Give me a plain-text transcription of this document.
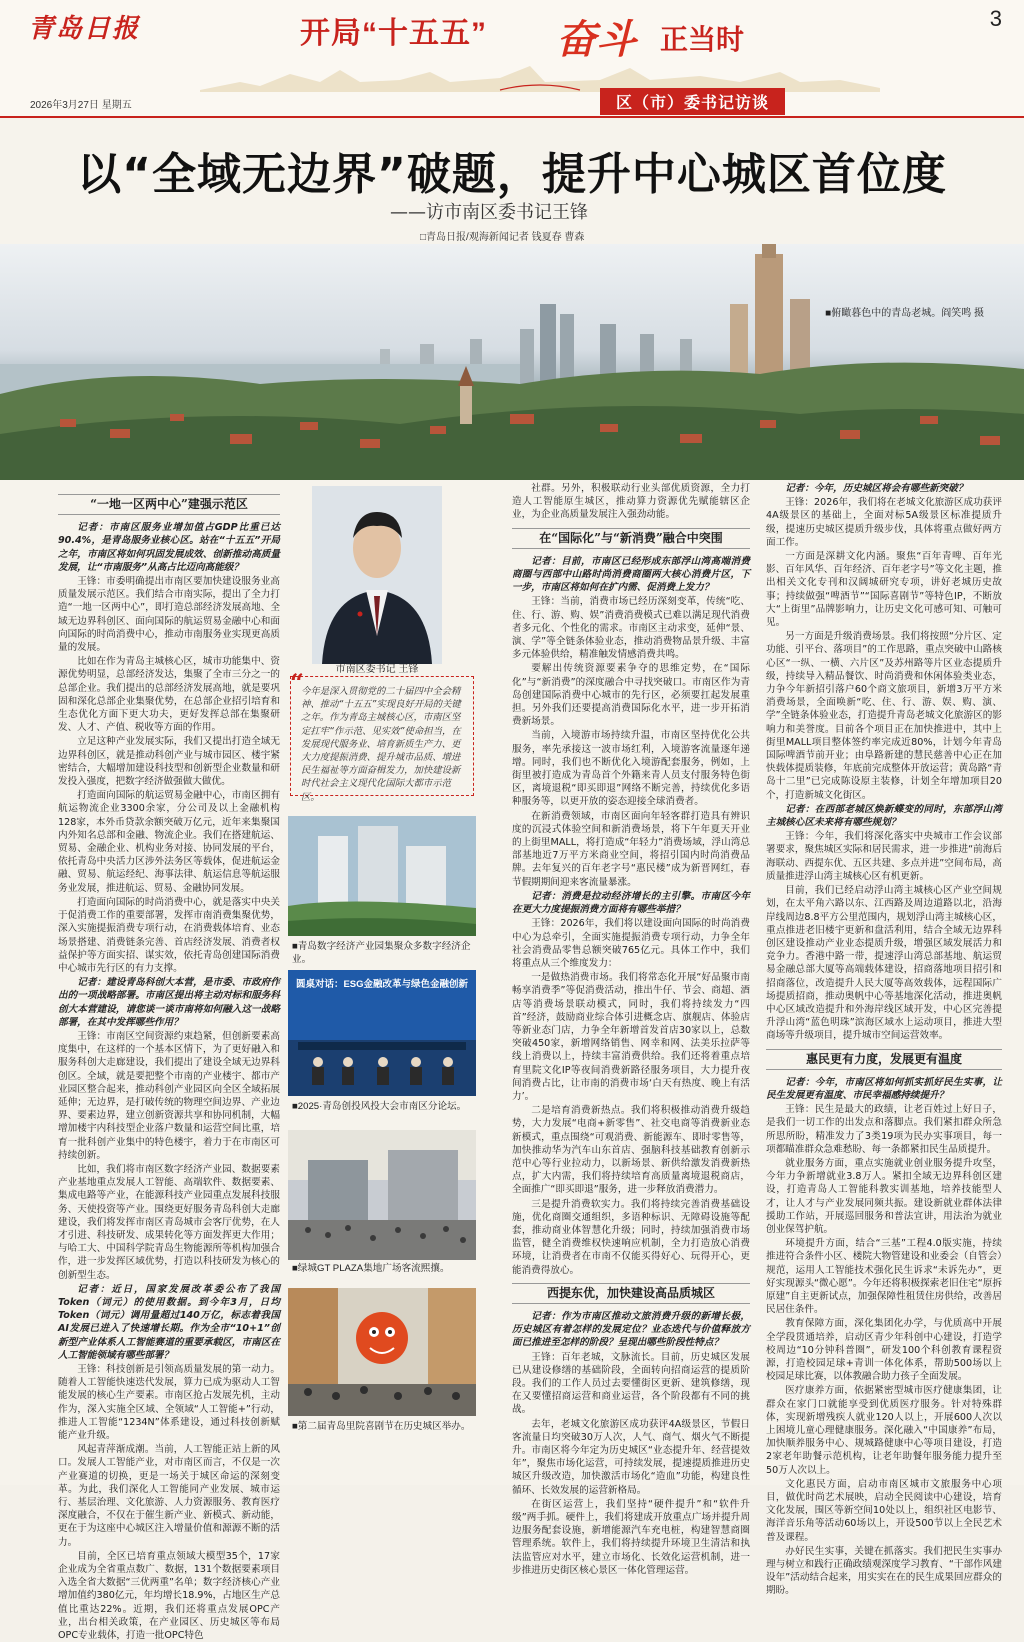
青岛日报
2026年3月27日 星期五
3
开局“十五五” 奋斗 正当时
区（市）委书记访谈
以“全域无边界”破题，提升中心城区首位度
——访市南区委书记王锋
□青岛日报/观海新闻记者 钱夏春 曹森
■俯瞰暮色中的青岛老城。阎笑鸣 摄
“一地一区两中心”建强示范区

记者：市南区服务业增加值占GDP比重已达90.4%，是青岛服务业核心区。站在“十五五”开局之年，市南区将如何巩固发展成效、创新推动高质量发展，让“市南服务”从高占比迈向高能级？

王锋：市委明确提出市南区要加快建设服务业高质量发展示范区。我们结合市南实际，提出了全力打造“一地一区两中心”，即打造总部经济发展高地、全域无边界科创区、面向国际的航运贸易金融中心和面向国际的时尚消费中心，推动市南服务业实现更高质量的发展。

比如在作为青岛主城核心区，城市功能集中、资源优势明显，总部经济发达，集聚了全市三分之一的总部企业。我们提出的总部经济发展高地，就是要巩固和深化总部企业集聚优势，在总部企业招引培育和生态优化方面下更大功夫，更好发挥总部在集聚研发、人才、产值、税收等方面的作用。

立足这种产业发展实际，我们又提出打造全域无边界科创区，就是推动科创产业与城市园区、楼宇紧密结合，大幅增加建设科技型和创新型企业数量和研发投入强度，把数字经济做强做大做优。

打造面向国际的航运贸易金融中心，市南区拥有航运物流企业3300余家，分公司及以上金融机构128家，本外币贷款余额突破万亿元，近年来集聚国内外知名总部和金融、物流企业。我们在搭建航运、贸易、金融企业、机构业务对接、协同发展的平台，依托青岛中央活力区涉外法务区等载体，促进航运金融、贸易、航运经纪、海事法律、航运信息等航运服务业发展，推进航运、贸易、金融协同发展。

打造面向国际的时尚消费中心，就是落实中央关于促消费工作的重要部署，发挥市南消费集聚优势，深入实施提振消费专项行动，在消费载体培育、业态场景搭建、消费链条完善、首店经济发展、消费者权益保护等方面实招、谋实效，依托青岛创建国际消费中心城市先行区的有力支撑。

记者：建设青岛科创大本营，是市委、市政府作出的一项战略部署。市南区提出将主动对标和服务科创大本营建设，请您谈一谈市南将如何融入这一战略部署，在其中发挥哪些作用？

王锋：市南区空间资源约束趋紧，但创新要素高度集中，在这样的一个基本区情下，为了更好融入和服务科创大走廊建设，我们提出了建设全域无边界科创区。全域，就是要把整个市南的产业楼宇、都市产业园区整合起来，推动科创产业园区向全区全域拓展延伸；无边界，是打破传统的物理空间边界、产业边界、要素边界，建立创新资源共享和协同机制，大幅增加楼宇内科技型企业落户数量和运营空间比重，培育一批科创产业集中的特色楼宇，着力于在市南区可持续创新。

比如，我们将市南区数字经济产业园、数据要素产业基地重点发展人工智能、高端软件、数据要素、集成电路等产业，在能源科技产业园重点发展科技服务、天使投资等产业。围绕更好服务青岛科创大走廊建设，我们将发挥市南区青岛城市会客厅优势，在人才引进、科技研发、成果转化等方面发挥更大作用；与哈工大、中国科学院青岛生物能源所等机构加强合作，进一步发挥区域优势，打造以科技研发为核心的创新型生态。

记者：近日，国家发展改革委公布了我国Token（词元）的使用数据。到今年3月，日均Token（词元）调用量超过140万亿，标志着我国AI发展已进入了快速增长期。作为全市“10+1”创新型产业体系人工智能赛道的重要承载区，市南区在人工智能领域有哪些部署？

王锋：科技创新是引领高质量发展的第一动力。随着人工智能快速迭代发展，算力已成为驱动人工智能发展的核心生产要素。市南区抢占发展先机，主动作为，深入实施全区域、全领域“人工智能+”行动，推进人工智能“1234N”体系建设，通过科技创新赋能产业升级。

风起青萍渐成潮。当前，人工智能正站上新的风口。发展人工智能产业，对市南区而言，不仅是一次产业赛道的切换，更是一场关于城区命运的深刻变革。为此，我们深化人工智能同产业发展、城市运行、基层治理、文化旅游、人力资源服务、教育医疗深度融合，不仅在于催生新产业、新模式、新动能，更在于为这座中心城区注入增量价值和源源不断的活力。

目前，全区已培育重点领域大模型35个，17家企业成为全省重点数广、数据，131个数据要素项目入选全省大数据“三优两重”名单；数字经济核心产业增加值约380亿元，年均增长18.9%，占地区生产总值比重达22%。近期，我们还将重点发展OPC产业，出台相关政策，在产业园区、历史城区等布局OPC专业载体，打造一批OPC特色

市南区委书记 王锋
“
今年是深入贯彻党的二十届四中全会精神、推动“十五五”实现良好开局的关键之年。作为青岛主城核心区，市南区坚定扛牢“作示范、见实效”使命担当，在发展现代服务业、培育新质生产力、更大力度提振消费、提升城市品质、增进民生福祉等方面奋楫发力，加快建设新时代社会主义现代化国际大都市示范区。
■青岛数字经济产业园集聚众多数字经济企业。
圆桌对话：ESG金融改革与绿色金融创新
■2025·青岛创投风投大会市南区分论坛。
■绿城GT PLAZA集地广场客流熙攘。
■第二届青岛里院喜剧节在历史城区举办。

社群。另外，积极联动行业头部优质资源，全力打造人工智能原生城区，推动算力资源优先赋能辖区企业，为企业高质量发展注入强劲动能。

在“国际化”与“新消费”融合中突围

记者：目前，市南区已经形成东部浮山湾高端消费商圈与西部中山路时尚消费商圈两大核心消费片区，下一步，市南区将如何在扩内需、促消费上发力？

王锋：当前，消费市场已经历深刻变革，传统“吃、住、行、游、购、娱”消费消费模式已难以满足现代消费者多元化、个性化的需求。市南区主动求变，延伸“景、演、学”等全链条体验业态，推动消费物品景升级、丰富多元体验供给，精准触发情感消费共鸣。

要解出传统资源要素争夺的思维定势，在“国际化”与“新消费”的深度融合中寻找突破口。市南区作为青岛创建国际消费中心城市的先行区，必须要扛起发展重担。另外我们还要提高消费国际化水平，进一步开拓消费新场景。

当前，入境游市场持续升温，市南区坚持优化公共服务，率先承接这一波市场红利，入境游客流量逐年递增。同时，我们也不断优化入境游配套服务，例如，上街里被打造成为青岛首个外籍来青人员支付服务特色街区，离境退税“即买即退”网络不断完善，持续优化多语种服务等，以更开放的姿态迎接全球消费者。

在新消费领域，市南区面向年轻客群打造具有辨识度的沉浸式体验空间和新消费场景，将下午年夏天开业的上街里MALL，将打造成“年轻力”消费场域，浮山湾总部基地近7万平方米商业空间，将招引国内时尚消费品牌。去年复兴的百年老字号“惠民楼”成为新晋网红，春节假期期间迎来客流量暴涨。

记者：消费是拉动经济增长的主引擎。市南区今年在更大力度提振消费方面将有哪些举措？

王锋：2026年，我们将以建设面向国际的时尚消费中心为总牵引，全面实施提振消费专项行动，力争全年社会消费品零售总额突破765亿元。具体工作中，我们将重点从三个维度发力：

一是做热消费市场。我们将常态化开展“好品聚市南 畅享消费季”等促消费活动，推出牛仔、节会、商超、酒店等消费场景联动模式，同时，我们将持续发力“四首”经济，鼓励商业综合体引进概念店、旗舰店、体验店等新业态门店，力争全年新增首发首店30家以上，总数突破450家，新增网络销售、网幸和网、法美乐拉萨等线上消费以上，持续丰富消费供给。我们还将着重点培育里院文化IP等夜间消费新路径服务项目，大力提升夜间消费占比，让市南的消费市场‘白天有热度、晚上有活力’。

二是培育消费新热点。我们将积极推动消费升级趋势，大力发展“电商+新零售”、社交电商等消费新业态新模式，重点围绕“可观消费、新能源车、即时零售等，加快推动华为汽车山东首店、强脑科技基础教育创新示范中心等行业拉动力，以新场景、新供给激发消费新热点，扩大内需，我们将持续培育高质量离境退税商店，全面推广“即买即退”服务，进一步释放消费潜力。

三是提升消费软实力。我们将持续完善消费基础设施，优化商圈交通组织，多语种标识、无障碍设施等配套，推动商业体智慧化升级；同时，持续加强消费市场监管，健全消费维权快速响应机制，全力打造放心消费环境，让消费者在市南不仅能买得好心、玩得开心，更能消费得放心。

西提东优，加快建设高品质城区

记者：作为市南区推动文旅消费升级的新增长极，历史城区有着怎样的发展定位？业态迭代与价值释放方面已推进至怎样的阶段？呈现出哪些阶段性特点？

王锋：百年老城，文脉流长。目前，历史城区发展已从建设修缮的基础阶段，全面转向招商运营的提质阶段。我们的工作人员过去要懂街区更新、建筑修缮，现在又要懂招商运营和商业运营，各个阶段都有不同的挑战。

去年，老城文化旅游区成功获评4A级景区，节假日客流量日均突破30万人次，人气、商气、烟火气不断提升。市南区将今年定为历史城区“业态提升年、经营提效年”，聚焦市场化运营，可持续发展，提速提质推进历史城区升级改造，加快激活市场化“造血”功能，构建良性循环、长效发展的运营新格局。

在街区运营上，我们坚持“硬件提升”和“软件升级”两手抓。硬件上，我们将建成开放重点广场并提升周边服务配套设施，新增能源汽车充电桩，构建智慧商圈管理系统。软件上，我们将持续提升环境卫生清洁和执法监管应对水平，建立市场化、长效化运营机制，进一步推进历史街区核心景区一体化管理运营。

记者：今年，历史城区将会有哪些新突破？

王锋：2026年，我们将在老城文化旅游区成功获评4A级景区的基础上，全面对标5A级景区标准提质升级，提速历史城区提质升级步伐，具体将重点做好两方面工作。

一方面是深耕文化内涵。聚焦“百年青啤、百年光影、百年风华、百年经济、百年老字号”等文化主题，推出相关文化专刊和汉阔城研究专项，讲好老城历史故事；持续做强“啤酒节”“国际喜剧节”等特色IP，不断放大“上街里”品牌影响力，让历史文化可感可知、可触可见。

另一方面是升级消费场景。我们将按照“分片区、定功能、引平台、落项目”的工作思路，重点突破中山路核心区“一纵、一横、六片区”及苏州路等片区业态提质升级，持续导入精品餐饮、时尚消费和休闲体验类业态，力争今年新招引落户60个商文旅项目，新增3万平方米消费场景，全面唤新“吃、住、行、游、娱、购、演、学”全链条体验业态，打造提升青岛老城文化旅游区的影响力和美誉度。目前各个项目正在加快推进中，其中上街里MALL项目整体签约率完成近80%，计划今年青岛国际啤酒节前开业；由阜路新建的慧民慈善中心正在加快载体提质装修，年底前完成整体开放运营；黄岛路“青岛十二里”已完成陈设原主装修，计划全年增加项目20个，打造新城文化街区。

记者：在西部老城区焕新蝶变的同时，东部浮山湾主城核心区未来将有哪些规划？

王锋：今年，我们将深化落实中央城市工作会议部署要求，聚焦城区实际和居民需求，进一步推进“前海后海联动、西提东优、五区共建、多点并进”空间布局，高质量推进浮山湾主城核心区有机更新。

目前，我们已经启动浮山湾主城核心区产业空间规划，在太平角六路以东、江西路及周边道路以北，沿海岸线周边8.8平方公里范围内，规划浮山湾主城核心区，重点推进老旧楼宇更新和盘活利用，结合全域无边界科创区建设推动产业业态提质升级，增强区域发展活力和竞争力。香港中路一带，提速浮山湾总部基地、航运贸易金融总部大厦等高端载体建设，招商落地项目招引和招商落位，改造提升人民大厦等高效载体，远程国际广场提质招商，推动奥帆中心等基地深化活动，推进奥帆中心区域改造提升和外海岸线区域开发，中心区完善提升浮山湾“蓝色明珠”滨海区域水上运动项目，推进大型商场等升级项目，提升城市空间运营效率。

惠民更有力度，发展更有温度

记者：今年，市南区将如何抓实抓好民生实事，让民生发展更有温度、市民幸福感持续提升？

王锋：民生是最大的政绩，让老百姓过上好日子，是我们一切工作的出发点和落脚点。我们紧扣群众所急所思所盼，精准发力了3类19项为民办实事项目，每一项都瞄准群众急难愁盼、每一条都紧扣民生品质提升。

就业服务方面，重点实施就业创业服务提升攻坚，今年力争新增就业3.8万人。紧扣全域无边界科创区建设，打造青岛人工智能科教实训基地，培养技能型人才，让人才与产业发展同频共振。建设新就业群体法律援助工作站，开展巡回服务和普法宣讲，用法治为就业创业保驾护航。

环境提升方面，结合“三基”工程4.0版实施，持续推进符合条件小区、楼院大物管建设和业委会（自管会）规范，运用人工智能技术强化民生诉求“未诉先办”，更好实现源头“微心愿”。今年还将积极探索老旧住宅“原拆原建”自主更新试点，加强保障性租赁住房供给，改善居民居住条件。

教育保障方面，深化集团化办学，与优质高中开展全学段贯通培养，启动区青少年科创中心建设，打造学校周边“10分钟科普圈”，研发100个科创教育课程资源，打造校园足球+青训一体化体系，帮助500场以上校园足球比赛，以体教融合助力孩子全面发展。

医疗康养方面，依据紧密型城市医疗健康集团，让群众在家门口就能享受到优质医疗服务。针对特殊群体，实现新增残疾人就业120人以上，开展600人次以上困境儿童心理健康服务。深化融入“中国康养”布局，加快顺养服务中心、规城路健康中心等项目建设，打造2家老年助餐示范机构，让老年助餐年服务能力提升至50万人次以上。

文化惠民方面，启动市南区城市文旅服务中心项目，做优时尚艺术展映，启动全民阅读中心建设，培育文化发展，围区等新空间10处以上，组织社区电影节、海洋音乐角等活动60场以上，开设500节以上全民艺术普及课程。

办好民生实事，关键在抓落实。我们把民生实事办理与树立和践行正确政绩观深度学习教育、“干部作风建设年”活动结合起来，用实实在在的民生成果回应群众的期盼。
